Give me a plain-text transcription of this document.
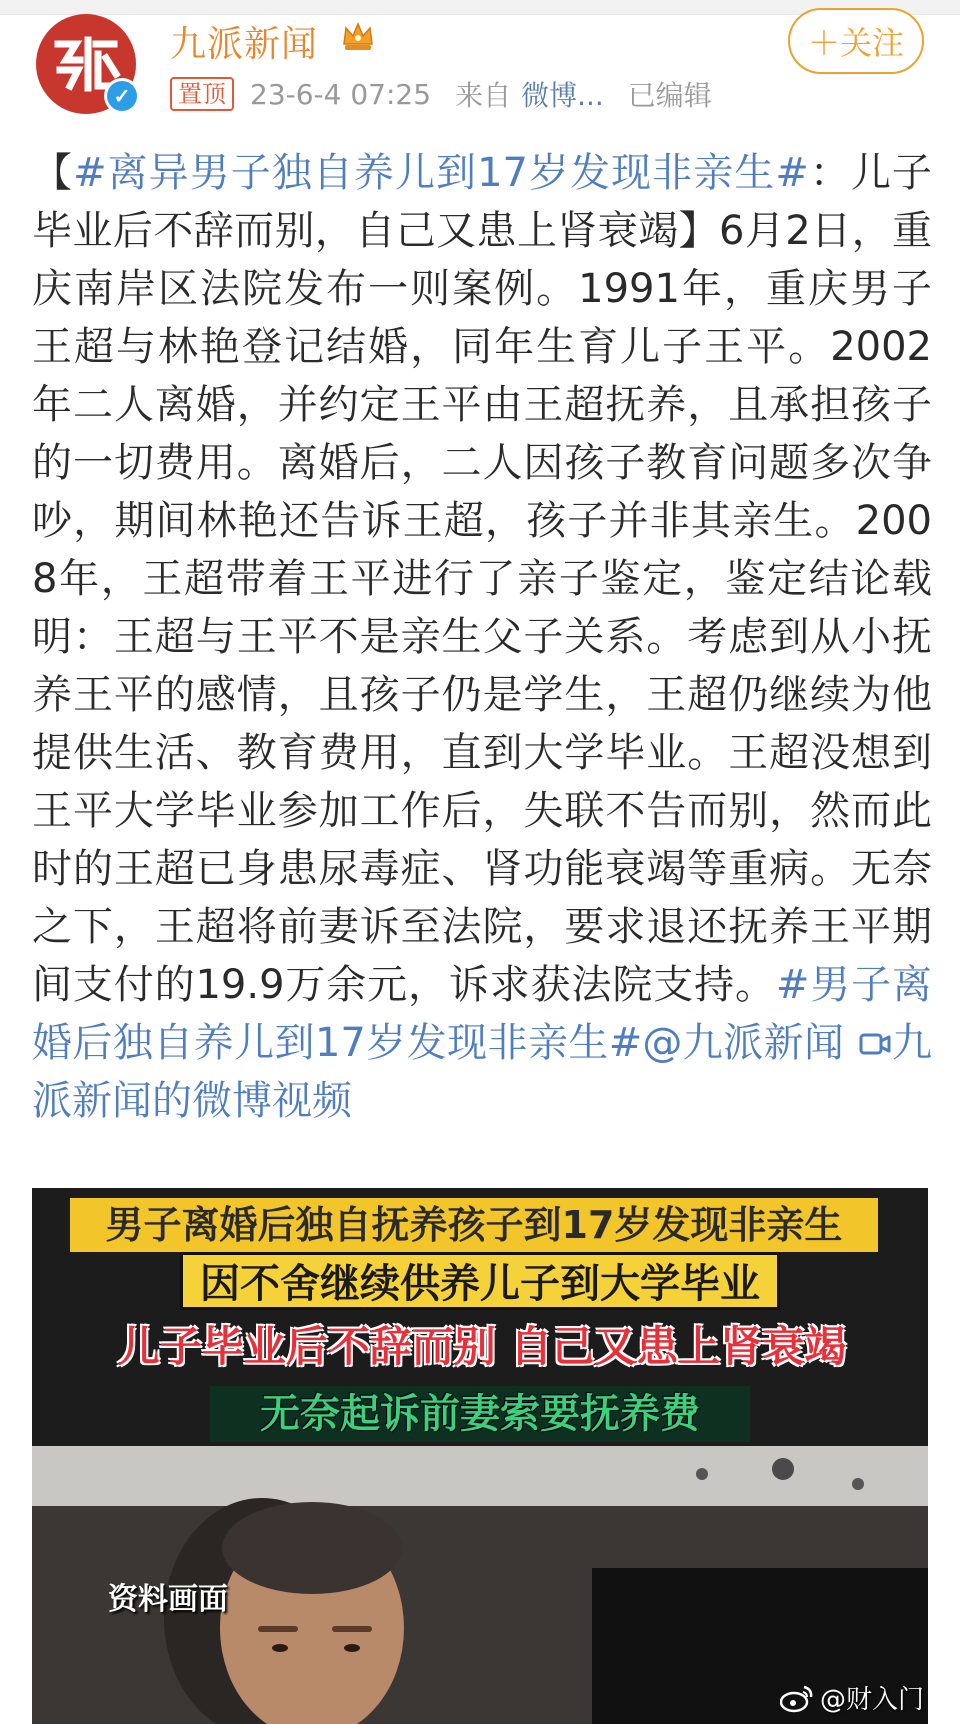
✓
九派新闻	＋关注
置顶 23-6-4 07:25 来自 微博... 已编辑
【#离异男子独自养儿到17岁发现非亲生#：儿子毕业后不辞而别，自己又患上肾衰竭】6月2日，重庆南岸区法院发布一则案例。1991年，重庆男子王超与林艳登记结婚，同年生育儿子王平。2002年二人离婚，并约定王平由王超抚养，且承担孩子的一切费用。离婚后，二人因孩子教育问题多次争吵，期间林艳还告诉王超，孩子并非其亲生。2008年，王超带着王平进行了亲子鉴定，鉴定结论载明：王超与王平不是亲生父子关系。考虑到从小抚养王平的感情，且孩子仍是学生，王超仍继续为他提供生活、教育费用，直到大学毕业。王超没想到王平大学毕业参加工作后，失联不告而别，然而此时的王超已身患尿毒症、肾功能衰竭等重病。无奈之下，王超将前妻诉至法院，要求退还抚养王平期间支付的19.9万余元，诉求获法院支持。#男子离婚后独自养儿到17岁发现非亲生#@九派新闻 九派新闻的微博视频
男子离婚后独自抚养孩子到17岁发现非亲生
因不舍继续供养儿子到大学毕业
儿子毕业后不辞而别 自己又患上肾衰竭
无奈起诉前妻索要抚养费
资料画面
@财入门
